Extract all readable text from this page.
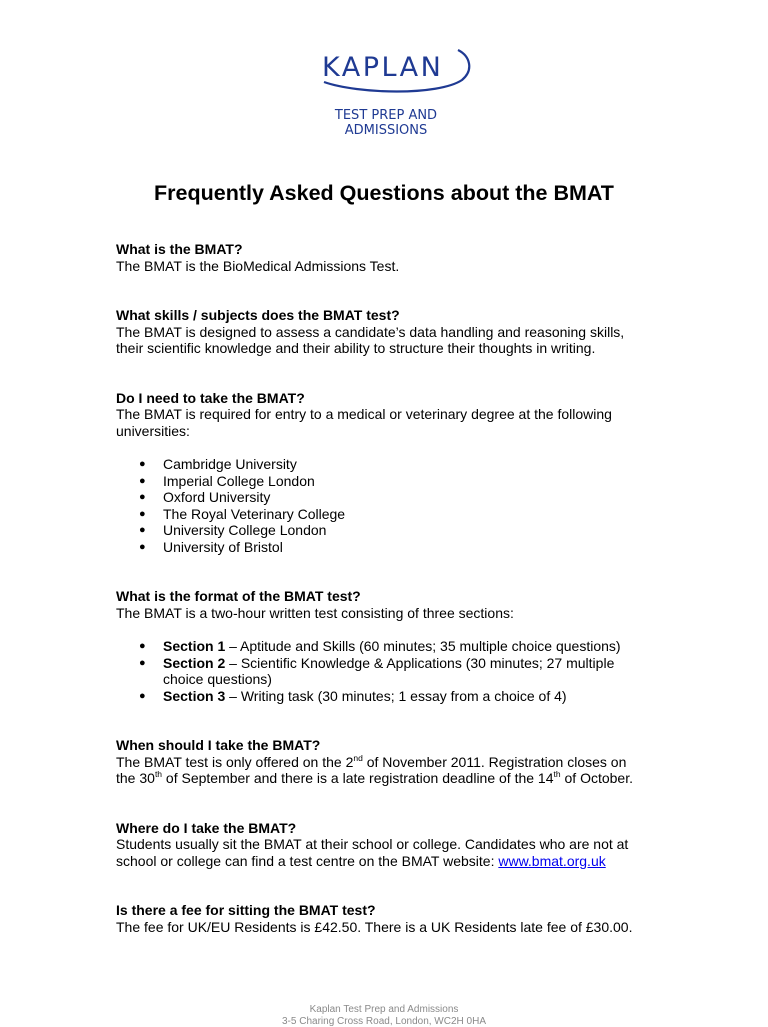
KAPLAN
TEST PREP AND
ADMISSIONS
Frequently Asked Questions about the BMAT

What is the BMAT?

The BMAT is the BioMedical Admissions Test.

What skills / subjects does the BMAT test?

The BMAT is designed to assess a candidate’s data handling and reasoning skills,

their scientific knowledge and their ability to structure their thoughts in writing.

Do I need to take the BMAT?

The BMAT is required for entry to a medical or veterinary degree at the following

universities:

● Cambridge University
● Imperial College London
● Oxford University
● The Royal Veterinary College
● University College London
● University of Bristol

What is the format of the BMAT test?

The BMAT is a two-hour written test consisting of three sections:

● Section 1 – Aptitude and Skills (60 minutes; 35 multiple choice questions)
● Section 2 – Scientific Knowledge & Applications (30 minutes; 27 multiple
choice questions)
● Section 3 – Writing task (30 minutes; 1 essay from a choice of 4)

When should I take the BMAT?

The BMAT test is only offered on the 2nd of November 2011. Registration closes on

the 30th of September and there is a late registration deadline of the 14th of October.

Where do I take the BMAT?

Students usually sit the BMAT at their school or college. Candidates who are not at

school or college can find a test centre on the BMAT website: www.bmat.org.uk

Is there a fee for sitting the BMAT test?

The fee for UK/EU Residents is £42.50. There is a UK Residents late fee of £30.00.

Kaplan Test Prep and Admissions
3-5 Charing Cross Road, London, WC2H 0HA
